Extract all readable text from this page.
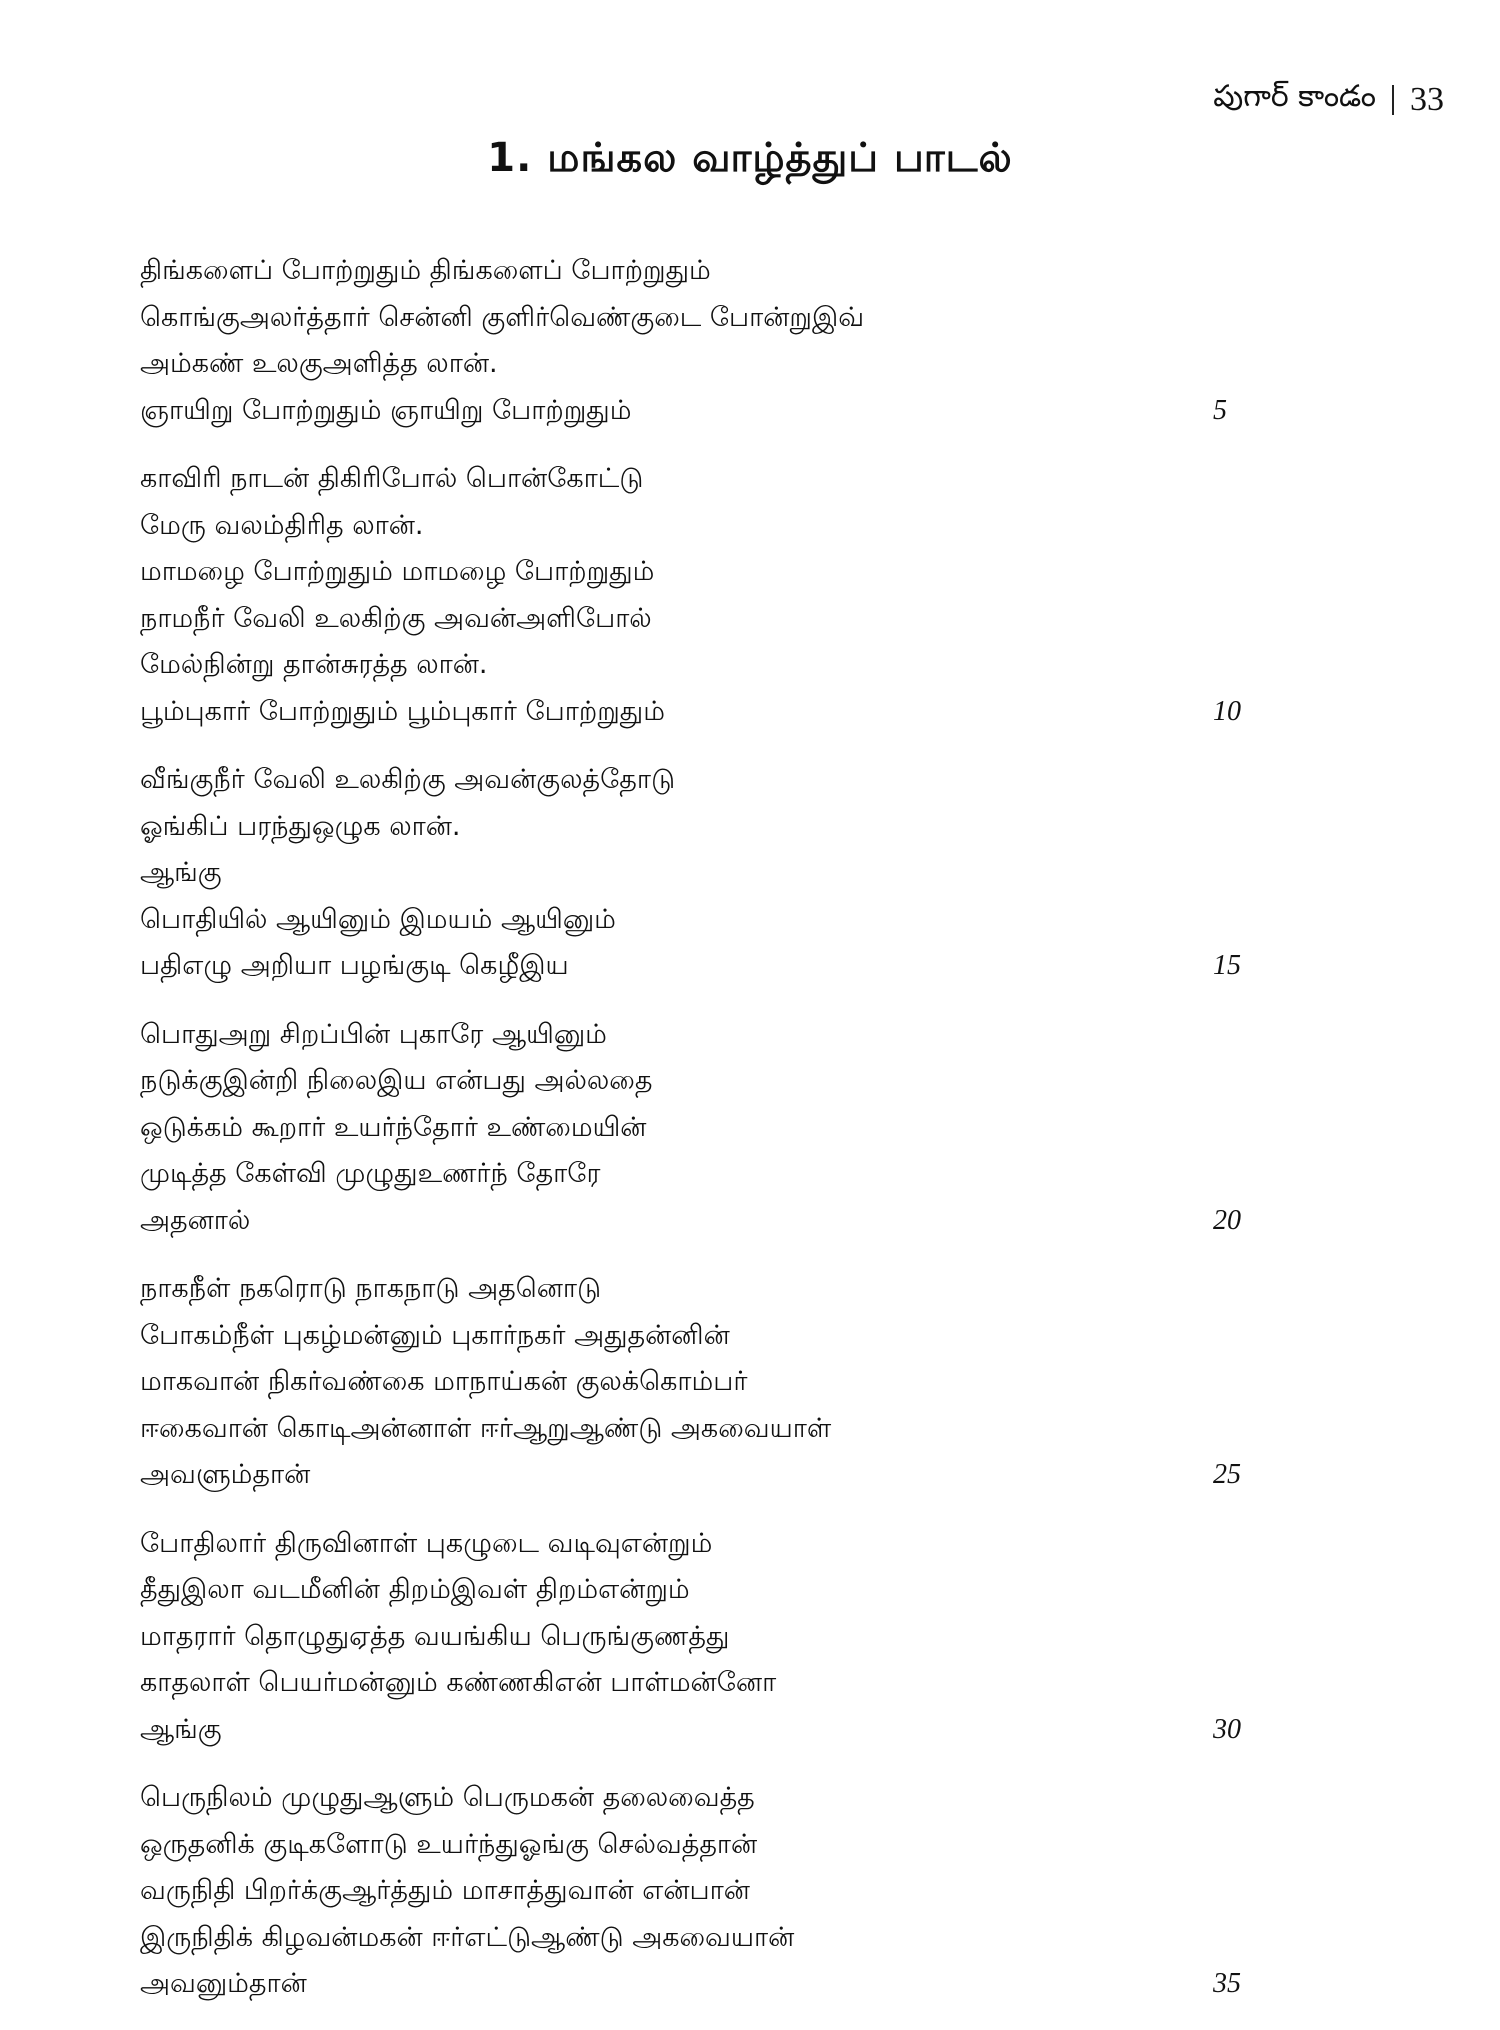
పుగార్ కాండం 33
1. மங்கல வாழ்த்துப் பாடல்
திங்களைப் போற்றுதும் திங்களைப் போற்றுதும்
கொங்குஅலர்த்தார் சென்னி குளிர்வெண்குடை போன்றுஇவ்
அம்கண் உலகுஅளித்த லான்.
ஞாயிறு போற்றுதும் ஞாயிறு போற்றுதும்	5
காவிரி நாடன் திகிரிபோல் பொன்கோட்டு
மேரு வலம்திரித லான்.
மாமழை போற்றுதும் மாமழை போற்றுதும்
நாமநீர் வேலி உலகிற்கு அவன்அளிபோல்
மேல்நின்று தான்சுரத்த லான்.
பூம்புகார் போற்றுதும் பூம்புகார் போற்றுதும்	10
வீங்குநீர் வேலி உலகிற்கு அவன்குலத்தோடு
ஓங்கிப் பரந்துஒழுக லான்.
ஆங்கு
பொதியில் ஆயினும் இமயம் ஆயினும்
பதிஎழு அறியா பழங்குடி கெழீஇய	15
பொதுஅறு சிறப்பின் புகாரே ஆயினும்
நடுக்குஇன்றி நிலைஇய என்பது அல்லதை
ஒடுக்கம் கூறார் உயர்ந்தோர் உண்மையின்
முடித்த கேள்வி முழுதுஉணர்ந் தோரே
அதனால்	20
நாகநீள் நகரொடு நாகநாடு அதனொடு
போகம்நீள் புகழ்மன்னும் புகார்நகர் அதுதன்னின்
மாகவான் நிகர்வண்கை மாநாய்கன் குலக்கொம்பர்
ஈகைவான் கொடிஅன்னாள் ஈர்ஆறுஆண்டு அகவையாள்
அவளும்தான்	25
போதிலார் திருவினாள் புகழுடை வடிவுஎன்றும்
தீதுஇலா வடமீனின் திறம்இவள் திறம்என்றும்
மாதரார் தொழுதுஏத்த வயங்கிய பெருங்குணத்து
காதலாள் பெயர்மன்னும் கண்ணகிஎன் பாள்மன்னோ
ஆங்கு	30
பெருநிலம் முழுதுஆளும் பெருமகன் தலைவைத்த
ஒருதனிக் குடிகளோடு உயர்ந்துஓங்கு செல்வத்தான்
வருநிதி பிறர்க்குஆர்த்தும் மாசாத்துவான் என்பான்
இருநிதிக் கிழவன்மகன் ஈர்எட்டுஆண்டு அகவையான்
அவனும்தான்	35
